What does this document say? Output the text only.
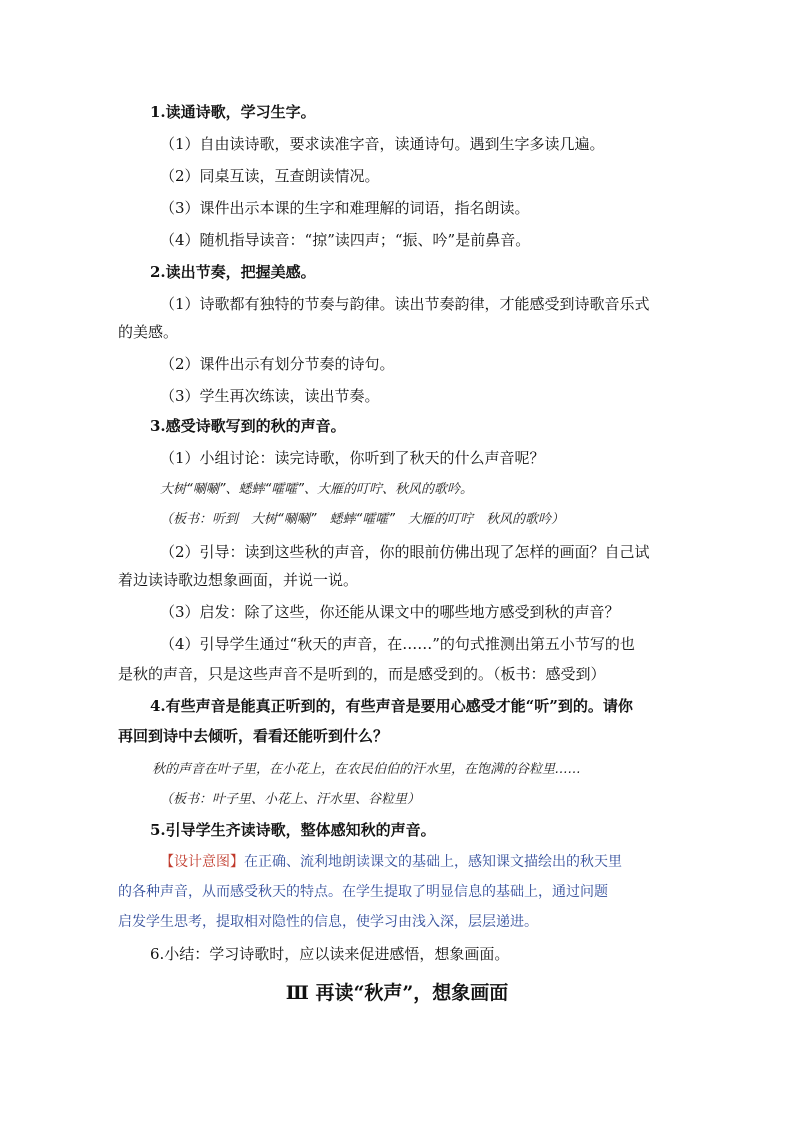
1.读通诗歌，学习生字。
（1）自由读诗歌，要求读准字音，读通诗句。遇到生字多读几遍。
（2）同桌互读，互查朗读情况。
（3）课件出示本课的生字和难理解的词语，指名朗读。
（4）随机指导读音：“掠”读四声；“振、吟”是前鼻音。
2.读出节奏，把握美感。
（1）诗歌都有独特的节奏与韵律。读出节奏韵律，才能感受到诗歌音乐式
的美感。
（2）课件出示有划分节奏的诗句。
（3）学生再次练读，读出节奏。
3.感受诗歌写到的秋的声音。
（1）小组讨论：读完诗歌，你听到了秋天的什么声音呢？
大树“唰唰”、蟋蟀“嚯嚯”、大雁的叮咛、秋风的歌吟。
（板书：听到　大树“唰唰”　蟋蟀“嚯嚯”　大雁的叮咛　秋风的歌吟）
（2）引导：读到这些秋的声音，你的眼前仿佛出现了怎样的画面？自己试
着边读诗歌边想象画面，并说一说。
（3）启发：除了这些，你还能从课文中的哪些地方感受到秋的声音？
（4）引导学生通过“秋天的声音，在……”的句式推测出第五小节写的也
是秋的声音，只是这些声音不是听到的，而是感受到的。（板书：感受到）
4.有些声音是能真正听到的，有些声音是要用心感受才能“听”到的。请你
再回到诗中去倾听，看看还能听到什么？
秋的声音在叶子里，在小花上，在农民伯伯的汗水里，在饱满的谷粒里……
（板书：叶子里、小花上、汗水里、谷粒里）
5.引导学生齐读诗歌，整体感知秋的声音。
【设计意图】在正确、流利地朗读课文的基础上，感知课文描绘出的秋天里
的各种声音，从而感受秋天的特点。在学生提取了明显信息的基础上，通过问题
启发学生思考，提取相对隐性的信息，使学习由浅入深，层层递进。
6.小结：学习诗歌时，应以读来促进感悟，想象画面。
Ⅲ 再读“秋声”，想象画面
